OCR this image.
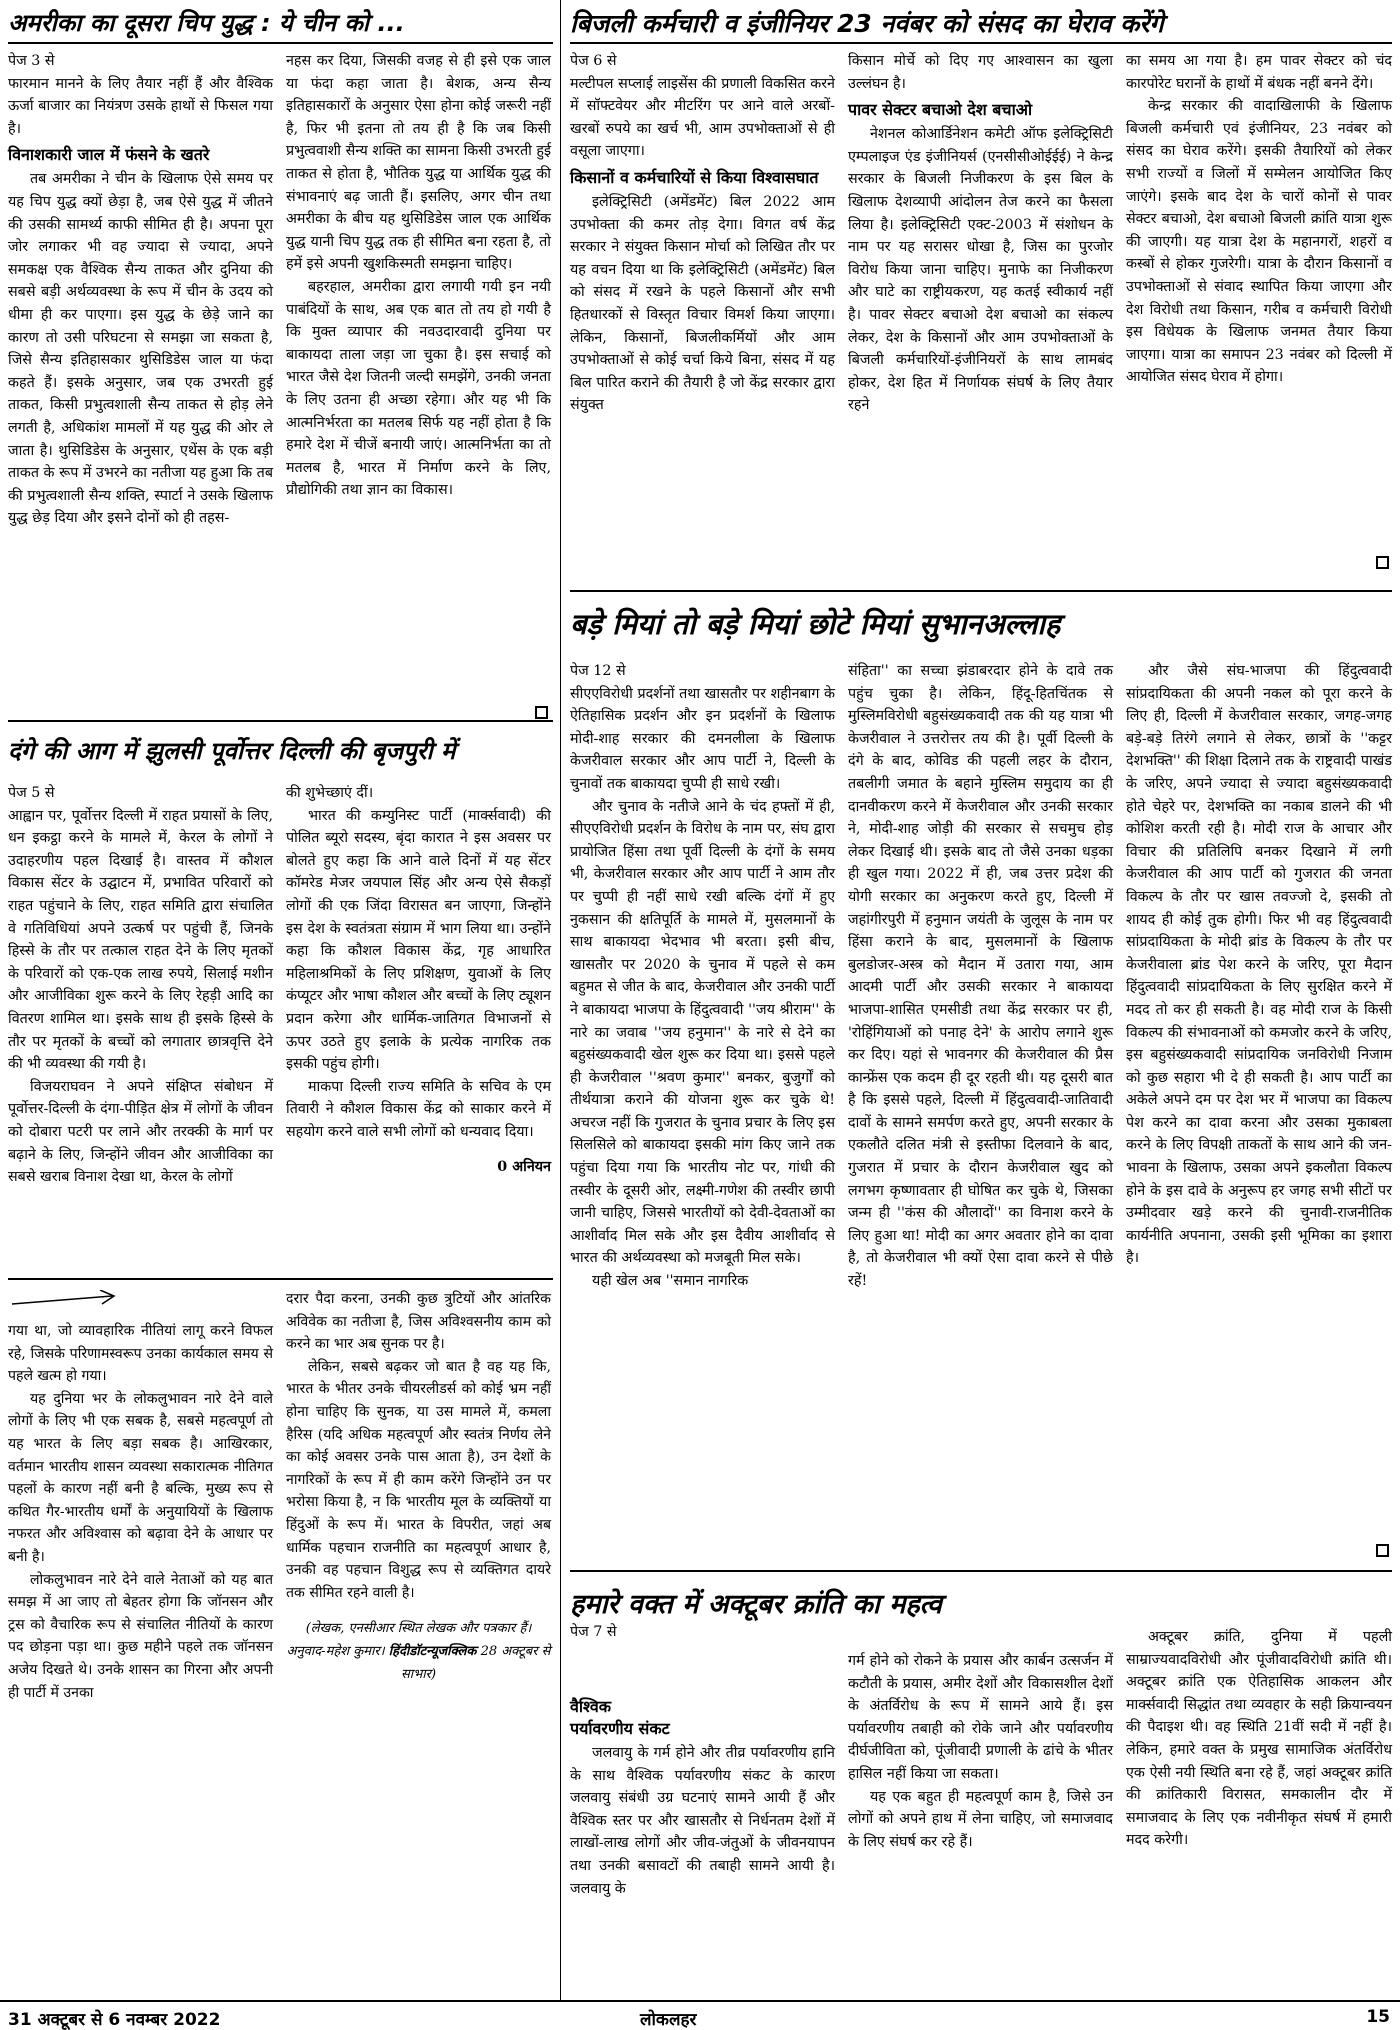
अमरीका का दूसरा चिप युद्ध : ये चीन को ...

पेज 3 से

फारमान मानने के लिए तैयार नहीं हैं और वैश्विक ऊर्जा बाजार का नियंत्रण उसके हाथों से फिसल गया है।

विनाशकारी जाल में फंसने के खतरे

तब अमरीका ने चीन के खिलाफ ऐसे समय पर यह चिप युद्ध क्यों छेड़ा है, जब ऐसे युद्ध में जीतने की उसकी सामर्थ्य काफी सीमित ही है। अपना पूरा जोर लगाकर भी वह ज्यादा से ज्यादा, अपने समकक्ष एक वैश्विक सैन्य ताकत और दुनिया की सबसे बड़ी अर्थव्यवस्था के रूप में चीन के उदय को धीमा ही कर पाएगा। इस युद्ध के छेड़े जाने का कारण तो उसी परिघटना से समझा जा सकता है, जिसे सैन्य इतिहासकार थुसिडिडेस जाल या फंदा कहते हैं। इसके अनुसार, जब एक उभरती हुई ताकत, किसी प्रभुत्वशाली सैन्य ताकत से होड़ लेने लगती है, अधिकांश मामलों में यह युद्ध की ओर ले जाता है। थुसिडिडेस के अनुसार, एथेंस के एक बड़ी ताकत के रूप में उभरने का नतीजा यह हुआ कि तब की प्रभुत्वशाली सैन्य शक्ति, स्पार्टा ने उसके खिलाफ युद्ध छेड़ दिया और इसने दोनों को ही तहस-

नहस कर दिया, जिसकी वजह से ही इसे एक जाल या फंदा कहा जाता है। बेशक, अन्य सैन्य इतिहासकारों के अनुसार ऐसा होना कोई जरूरी नहीं है, फिर भी इतना तो तय ही है कि जब किसी प्रभुत्ववाशी सैन्य शक्ति का सामना किसी उभरती हुई ताकत से होता है, भौतिक युद्ध या आर्थिक युद्ध की संभावनाएं बढ़ जाती हैं। इसलिए, अगर चीन तथा अमरीका के बीच यह थुसिडिडेस जाल एक आर्थिक युद्ध यानी चिप युद्ध तक ही सीमित बना रहता है, तो हमें इसे अपनी खुशकिस्मती समझना चाहिए।

बहरहाल, अमरीका द्वारा लगायी गयी इन नयी पाबंदियों के साथ, अब एक बात तो तय हो गयी है कि मुक्त व्यापार की नवउदारवादी दुनिया पर बाकायदा ताला जड़ा जा चुका है। इस सचाई को भारत जैसे देश जितनी जल्दी समझेंगे, उनकी जनता के लिए उतना ही अच्छा रहेगा। और यह भी कि आत्मनिर्भरता का मतलब सिर्फ यह नहीं होता है कि हमारे देश में चीजें बनायी जाएं। आत्मनिर्भता का तो मतलब है, भारत में निर्माण करने के लिए, प्रौद्योगिकी तथा ज्ञान का विकास।

बिजली कर्मचारी व इंजीनियर 23 नवंबर को संसद का घेराव करेंगे

पेज 6 से

मल्टीपल सप्लाई लाइसेंस की प्रणाली विकसित करने में सॉफ्टवेयर और मीटरिंग पर आने वाले अरबों-खरबों रुपये का खर्च भी, आम उपभोक्ताओं से ही वसूला जाएगा।

किसानों व कर्मचारियों से किया विश्वासघात

इलेक्ट्रिसिटी (अमेंडमेंट) बिल 2022 आम उपभोक्ता की कमर तोड़ देगा। विगत वर्ष केंद्र सरकार ने संयुक्त किसान मोर्चा को लिखित तौर पर यह वचन दिया था कि इलेक्ट्रिसिटी (अमेंडमेंट) बिल को संसद में रखने के पहले किसानों और सभी हितधारकों से विस्तृत विचार विमर्श किया जाएगा। लेकिन, किसानों, बिजलीकर्मियों और आम उपभोक्ताओं से कोई चर्चा किये बिना, संसद में यह बिल पारित कराने की तैयारी है जो केंद्र सरकार द्वारा संयुक्त

किसान मोर्चे को दिए गए आश्वासन का खुला उल्लंघन है।

पावर सेक्टर बचाओ देश बचाओ

नेशनल कोआर्डिनेशन कमेटी ऑफ इलेक्ट्रिसिटी एम्पलाइज एंड इंजीनियर्स (एनसीसीओईईई) ने केन्द्र सरकार के बिजली निजीकरण के इस बिल के खिलाफ देशव्यापी आंदोलन तेज करने का फैसला लिया है। इलेक्ट्रिसिटी एक्ट-2003 में संशोधन के नाम पर यह सरासर धोखा है, जिस का पुरजोर विरोध किया जाना चाहिए। मुनाफे का निजीकरण और घाटे का राष्ट्रीयकरण, यह कतई स्वीकार्य नहीं है। पावर सेक्टर बचाओ देश बचाओ का संकल्प लेकर, देश के किसानों और आम उपभोक्ताओं के बिजली कर्मचारियों-इंजीनियरों के साथ लामबंद होकर, देश हित में निर्णायक संघर्ष के लिए तैयार रहने

का समय आ गया है। हम पावर सेक्टर को चंद कारपोरेट घरानों के हाथों में बंधक नहीं बनने देंगे।

केन्द्र सरकार की वादाखिलाफी के खिलाफ बिजली कर्मचारी एवं इंजीनियर, 23 नवंबर को संसद का घेराव करेंगे। इसकी तैयारियों को लेकर सभी राज्यों व जिलों में सम्मेलन आयोजित किए जाएंगे। इसके बाद देश के चारों कोनों से पावर सेक्टर बचाओ, देश बचाओ बिजली क्रांति यात्रा शुरू की जाएगी। यह यात्रा देश के महानगरों, शहरों व कस्बों से होकर गुजरेगी। यात्रा के दौरान किसानों व उपभोक्ताओं से संवाद स्थापित किया जाएगा और देश विरोधी तथा किसान, गरीब व कर्मचारी विरोधी इस विधेयक के खिलाफ जनमत तैयार किया जाएगा। यात्रा का समापन 23 नवंबर को दिल्ली में आयोजित संसद घेराव में होगा।

दंगे की आग में झुलसी पूर्वोत्तर दिल्ली की बृजपुरी में

पेज 5 से

आह्वान पर, पूर्वोत्तर दिल्ली में राहत प्रयासों के लिए, धन इकट्ठा करने के मामले में, केरल के लोगों ने उदाहरणीय पहल दिखाई है। वास्तव में कौशल विकास सेंटर के उद्घाटन में, प्रभावित परिवारों को राहत पहुंचाने के लिए, राहत समिति द्वारा संचालित वे गतिविधियां अपने उत्कर्ष पर पहुंची हैं, जिनके हिस्से के तौर पर तत्काल राहत देने के लिए मृतकों के परिवारों को एक-एक लाख रुपये, सिलाई मशीन और आजीविका शुरू करने के लिए रेहड़ी आदि का वितरण शामिल था। इसके साथ ही इसके हिस्से के तौर पर मृतकों के बच्चों को लगातार छात्रवृत्ति देने की भी व्यवस्था की गयी है।

विजयराघवन ने अपने संक्षिप्त संबोधन में पूर्वोत्तर-दिल्ली के दंगा-पीड़ित क्षेत्र में लोगों के जीवन को दोबारा पटरी पर लाने और तरक्की के मार्ग पर बढ़ाने के लिए, जिन्होंने जीवन और आजीविका का सबसे खराब विनाश देखा था, केरल के लोगों

की शुभेच्छाएं दीं।

भारत की कम्युनिस्ट पार्टी (मार्क्सवादी) की पोलित ब्यूरो सदस्य, बृंदा कारात ने इस अवसर पर बोलते हुए कहा कि आने वाले दिनों में यह सेंटर कॉमरेड मेजर जयपाल सिंह और अन्य ऐसे सैकड़ों लोगों की एक जिंदा विरासत बन जाएगा, जिन्होंने इस देश के स्वतंत्रता संग्राम में भाग लिया था। उन्होंने कहा कि कौशल विकास केंद्र, गृह आधारित महिलाश्रमिकों के लिए प्रशिक्षण, युवाओं के लिए कंप्यूटर और भाषा कौशल और बच्चों के लिए ट्यूशन प्रदान करेगा और धार्मिक-जातिगत विभाजनों से ऊपर उठते हुए इलाके के प्रत्येक नागरिक तक इसकी पहुंच होगी।

माकपा दिल्ली राज्य समिति के सचिव के एम तिवारी ने कौशल विकास केंद्र को साकार करने में सहयोग करने वाले सभी लोगों को धन्यवाद दिया।

0 अनियन

गया था, जो व्यावहारिक नीतियां लागू करने विफल रहे, जिसके परिणामस्वरूप उनका कार्यकाल समय से पहले खत्म हो गया।

यह दुनिया भर के लोकलुभावन नारे देने वाले लोगों के लिए भी एक सबक है, सबसे महत्वपूर्ण तो यह भारत के लिए बड़ा सबक है। आखिरकार, वर्तमान भारतीय शासन व्यवस्था सकारात्मक नीतिगत पहलों के कारण नहीं बनी है बल्कि, मुख्य रूप से कथित गैर-भारतीय धर्मों के अनुयायियों के खिलाफ नफरत और अविश्वास को बढ़ावा देने के आधार पर बनी है।

लोकलुभावन नारे देने वाले नेताओं को यह बात समझ में आ जाए तो बेहतर होगा कि जॉनसन और ट्रस को वैचारिक रूप से संचालित नीतियों के कारण पद छोड़ना पड़ा था। कुछ महीने पहले तक जॉनसन अजेय दिखते थे। उनके शासन का गिरना और अपनी ही पार्टी में उनका

दरार पैदा करना, उनकी कुछ त्रुटियों और आंतरिक अविवेक का नतीजा है, जिस अविश्वसनीय काम को करने का भार अब सुनक पर है।

लेकिन, सबसे बढ़कर जो बात है वह यह कि, भारत के भीतर उनके चीयरलीडर्स को कोई भ्रम नहीं होना चाहिए कि सुनक, या उस मामले में, कमला हैरिस (यदि अधिक महत्वपूर्ण और स्वतंत्र निर्णय लेने का कोई अवसर उनके पास आता है), उन देशों के नागरिकों के रूप में ही काम करेंगे जिन्होंने उन पर भरोसा किया है, न कि भारतीय मूल के व्यक्तियों या हिंदुओं के रूप में। भारत के विपरीत, जहां अब धार्मिक पहचान राजनीति का महत्वपूर्ण आधार है, उनकी वह पहचान विशुद्ध रूप से व्यक्तिगत दायरे तक सीमित रहने वाली है।

(लेखक, एनसीआर स्थित लेखक और पत्रकार हैं। अनुवाद-महेश कुमार। हिंदीडॉटन्यूजक्लिक 28 अक्टूबर से साभार)

बड़े मियां तो बड़े मियां छोटे मियां सुभानअल्लाह

पेज 12 से

सीएएविरोधी प्रदर्शनों तथा खासतौर पर शहीनबाग के ऐतिहासिक प्रदर्शन और इन प्रदर्शनों के खिलाफ मोदी-शाह सरकार की दमनलीला के खिलाफ केजरीवाल सरकार और आप पार्टी ने, दिल्ली के चुनावों तक बाकायदा चुप्पी ही साधे रखी।

और चुनाव के नतीजे आने के चंद हफ्तों में ही, सीएएविरोधी प्रदर्शन के विरोध के नाम पर, संघ द्वारा प्रायोजित हिंसा तथा पूर्वी दिल्ली के दंगों के समय भी, केजरीवाल सरकार और आप पार्टी ने आम तौर पर चुप्पी ही नहीं साधे रखी बल्कि दंगों में हुए नुकसान की क्षतिपूर्ति के मामले में, मुसलमानों के साथ बाकायदा भेदभाव भी बरता। इसी बीच, खासतौर पर 2020 के चुनाव में पहले से कम बहुमत से जीत के बाद, केजरीवाल और उनकी पार्टी ने बाकायदा भाजपा के हिंदुत्ववादी ''जय श्रीराम'' के नारे का जवाब ''जय हनुमान'' के नारे से देने का बहुसंख्यकवादी खेल शुरू कर दिया था। इससे पहले ही केजरीवाल ''श्रवण कुमार'' बनकर, बुजुर्गों को तीर्थयात्रा कराने की योजना शुरू कर चुके थे! अचरज नहीं कि गुजरात के चुनाव प्रचार के लिए इस सिलसिले को बाकायदा इसकी मांग किए जाने तक पहुंचा दिया गया कि भारतीय नोट पर, गांधी की तस्वीर के दूसरी ओर, लक्ष्मी-गणेश की तस्वीर छापी जानी चाहिए, जिससे भारतीयों को देवी-देवताओं का आशीर्वाद मिल सके और इस दैवीय आशीर्वाद से भारत की अर्थव्यवस्था को मजबूती मिल सके।

यही खेल अब ''समान नागरिक

संहिता'' का सच्चा झंडाबरदार होने के दावे तक पहुंच चुका है। लेकिन, हिंदू-हितचिंतक से मुस्लिमविरोधी बहुसंख्यकवादी तक की यह यात्रा भी केजरीवाल ने उत्तरोत्तर तय की है। पूर्वी दिल्ली के दंगे के बाद, कोविड की पहली लहर के दौरान, तबलीगी जमात के बहाने मुस्लिम समुदाय का ही दानवीकरण करने में केजरीवाल और उनकी सरकार ने, मोदी-शाह जोड़ी की सरकार से सचमुच होड़ लेकर दिखाई थी। इसके बाद तो जैसे उनका धड़का ही खुल गया। 2022 में ही, जब उत्तर प्रदेश की योगी सरकार का अनुकरण करते हुए, दिल्ली में जहांगीरपुरी में हनुमान जयंती के जुलूस के नाम पर हिंसा कराने के बाद, मुसलमानों के खिलाफ बुलडोजर-अस्त्र को मैदान में उतारा गया, आम आदमी पार्टी और उसकी सरकार ने बाकायदा भाजपा-शासित एमसीडी तथा केंद्र सरकार पर ही, 'रोहिंगियाओं को पनाह देने' के आरोप लगाने शुरू कर दिए। यहां से भावनगर की केजरीवाल की प्रैस कान्फ्रेंस एक कदम ही दूर रहती थी। यह दूसरी बात है कि इससे पहले, दिल्ली में हिंदुत्ववादी-जातिवादी दावों के सामने समर्पण करते हुए, अपनी सरकार के एकलौते दलित मंत्री से इस्तीफा दिलवाने के बाद, गुजरात में प्रचार के दौरान केजरीवाल खुद को लगभग कृष्णावतार ही घोषित कर चुके थे, जिसका जन्म ही ''कंस की औलादों'' का विनाश करने के लिए हुआ था! मोदी का अगर अवतार होने का दावा है, तो केजरीवाल भी क्यों ऐसा दावा करने से पीछे रहें!

और जैसे संघ-भाजपा की हिंदुत्ववादी सांप्रदायिकता की अपनी नकल को पूरा करने के लिए ही, दिल्ली में केजरीवाल सरकार, जगह-जगह बड़े-बड़े तिरंगे लगाने से लेकर, छात्रों के ''कट्टर देशभक्ति'' की शिक्षा दिलाने तक के राष्ट्रवादी पाखंड के जरिए, अपने ज्यादा से ज्यादा बहुसंख्यकवादी होते चेहरे पर, देशभक्ति का नकाब डालने की भी कोशिश करती रही है। मोदी राज के आचार और विचार की प्रतिलिपि बनकर दिखाने में लगी केजरीवाल की आप पार्टी को गुजरात की जनता विकल्प के तौर पर खास तवज्जो दे, इसकी तो शायद ही कोई तुक होगी। फिर भी वह हिंदुत्ववादी सांप्रदायिकता के मोदी ब्रांड के विकल्प के तौर पर केजरीवाला ब्रांड पेश करने के जरिए, पूरा मैदान हिंदुत्ववादी सांप्रदायिकता के लिए सुरक्षित करने में मदद तो कर ही सकती है। वह मोदी राज के किसी विकल्प की संभावनाओं को कमजोर करने के जरिए, इस बहुसंख्यकवादी सांप्रदायिक जनविरोधी निजाम को कुछ सहारा भी दे ही सकती है। आप पार्टी का अकेले अपने दम पर देश भर में भाजपा का विकल्प पेश करने का दावा करना और उसका मुकाबला करने के लिए विपक्षी ताकतों के साथ आने की जन-भावना के खिलाफ, उसका अपने इकलौता विकल्प होने के इस दावे के अनुरूप हर जगह सभी सीटों पर उम्मीदवार खड़े करने की चुनावी-राजनीतिक कार्यनीति अपनाना, उसकी इसी भूमिका का इशारा है।

हमारे वक्त में अक्टूबर क्रांति का महत्व

पेज 7 से

वैश्विक
पर्यावरणीय संकट

जलवायु के गर्म होने और तीव्र पर्यावरणीय हानि के साथ वैश्विक पर्यावरणीय संकट के कारण जलवायु संबंधी उग्र घटनाएं सामने आयी हैं और वैश्विक स्तर पर और खासतौर से निर्धनतम देशों में लाखों-लाख लोगों और जीव-जंतुओं के जीवनयापन तथा उनकी बसावटों की तबाही सामने आयी है। जलवायु के

गर्म होने को रोकने के प्रयास और कार्बन उत्सर्जन में कटौती के प्रयास, अमीर देशों और विकासशील देशों के अंतर्विरोध के रूप में सामने आये हैं। इस पर्यावरणीय तबाही को रोके जाने और पर्यावरणीय दीर्घजीविता को, पूंजीवादी प्रणाली के ढांचे के भीतर हासिल नहीं किया जा सकता।

यह एक बहुत ही महत्वपूर्ण काम है, जिसे उन लोगों को अपने हाथ में लेना चाहिए, जो समाजवाद के लिए संघर्ष कर रहे हैं।

अक्टूबर क्रांति, दुनिया में पहली साम्राज्यवादविरोधी और पूंजीवादविरोधी क्रांति थी। अक्टूबर क्रांति एक ऐतिहासिक आकलन और मार्क्सवादी सिद्धांत तथा व्यवहार के सही क्रियान्वयन की पैदाइश थी। वह स्थिति 21वीं सदी में नहीं है। लेकिन, हमारे वक्त के प्रमुख सामाजिक अंतर्विरोध एक ऐसी नयी स्थिति बना रहे हैं, जहां अक्टूबर क्रांति की क्रांतिकारी विरासत, समकालीन दौर में समाजवाद के लिए एक नवीनीकृत संघर्ष में हमारी मदद करेगी।

31 अक्टूबर से 6 नवम्बर 2022	लोकलहर	15
